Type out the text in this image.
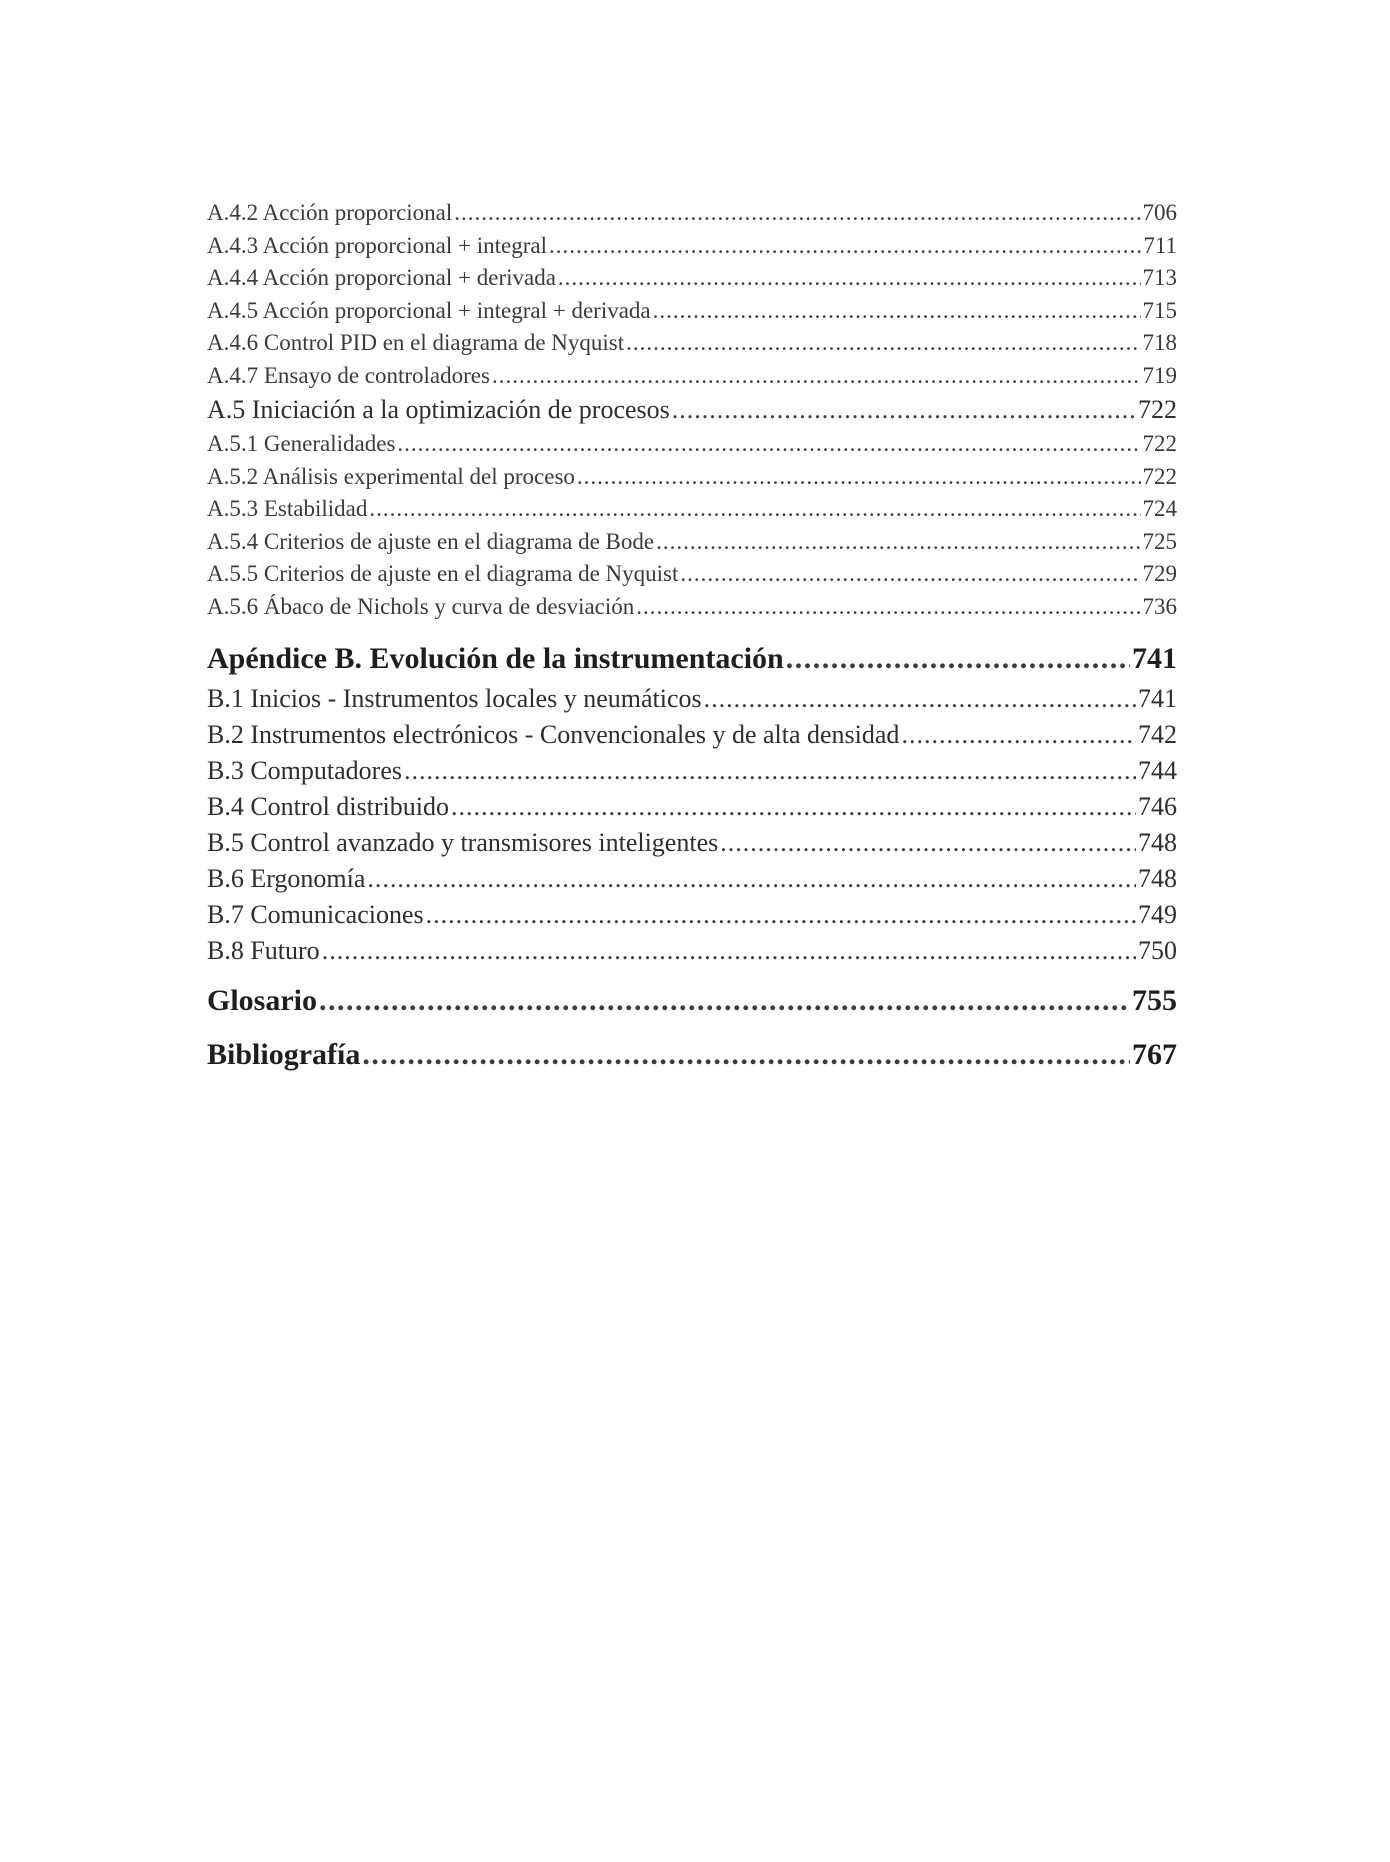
A.4.2 Acción proporcional .....	706
A.4.3 Acción proporcional + integral .....	711
A.4.4 Acción proporcional + derivada .....	713
A.4.5 Acción proporcional + integral + derivada .....	715
A.4.6 Control PID en el diagrama de Nyquist .....	718
A.4.7 Ensayo de controladores .....	719
A.5 Iniciación a la optimización de procesos .....	722
A.5.1 Generalidades .....	722
A.5.2 Análisis experimental del proceso .....	722
A.5.3 Estabilidad .....	724
A.5.4 Criterios de ajuste en el diagrama de Bode .....	725
A.5.5 Criterios de ajuste en el diagrama de Nyquist .....	729
A.5.6 Ábaco de Nichols y curva de desviación .....	736
Apéndice B. Evolución de la instrumentación .....	741
B.1 Inicios - Instrumentos locales y neumáticos .....	741
B.2 Instrumentos electrónicos - Convencionales y de alta densidad .....	742
B.3 Computadores .....	744
B.4 Control distribuido .....	746
B.5 Control avanzado y transmisores inteligentes .....	748
B.6 Ergonomía .....	748
B.7 Comunicaciones .....	749
B.8 Futuro .....	750
Glosario .....	755
Bibliografía .....	767
